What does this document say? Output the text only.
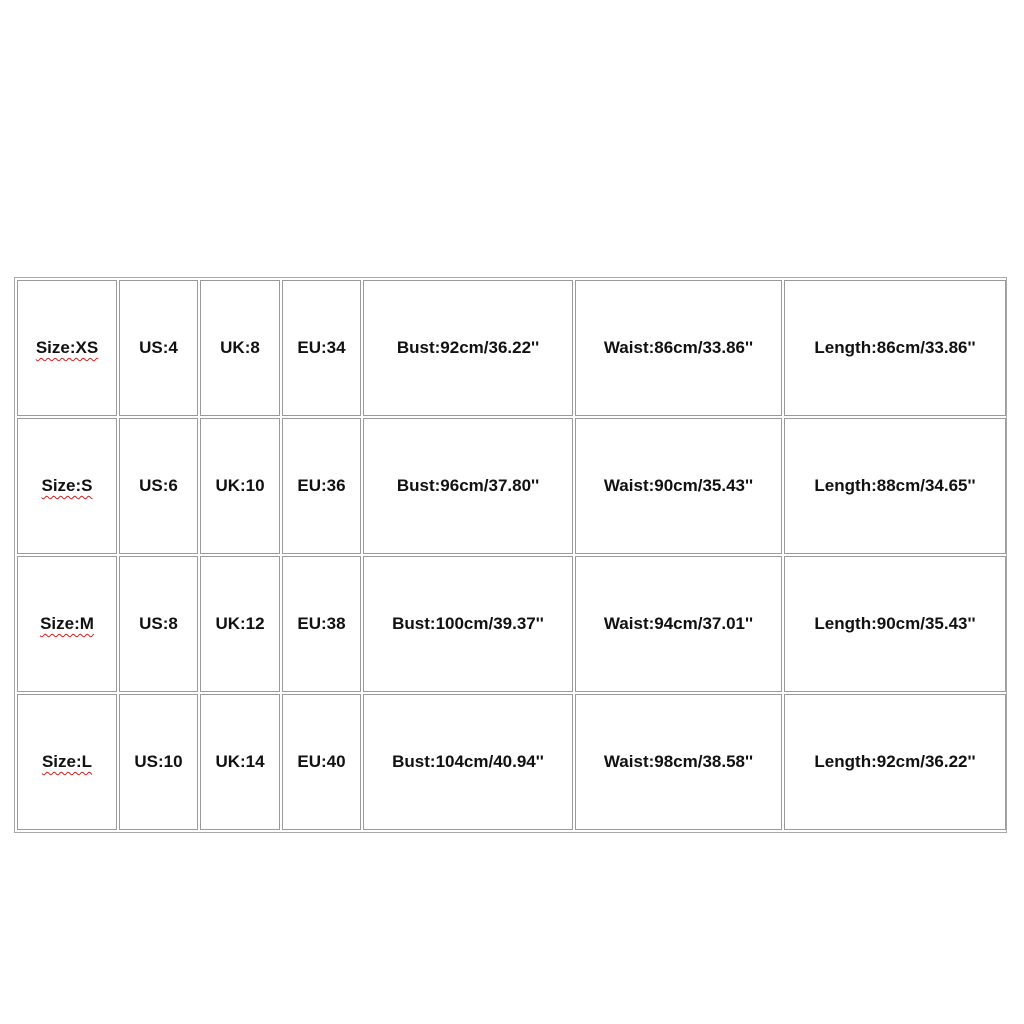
Size:XS	US:4	UK:8	EU:34	Bust:92cm/36.22''	Waist:86cm/33.86''	Length:86cm/33.86''
Size:S	US:6	UK:10	EU:36	Bust:96cm/37.80''	Waist:90cm/35.43''	Length:88cm/34.65''
Size:M	US:8	UK:12	EU:38	Bust:100cm/39.37''	Waist:94cm/37.01''	Length:90cm/35.43''
Size:L	US:10	UK:14	EU:40	Bust:104cm/40.94''	Waist:98cm/38.58''	Length:92cm/36.22''
